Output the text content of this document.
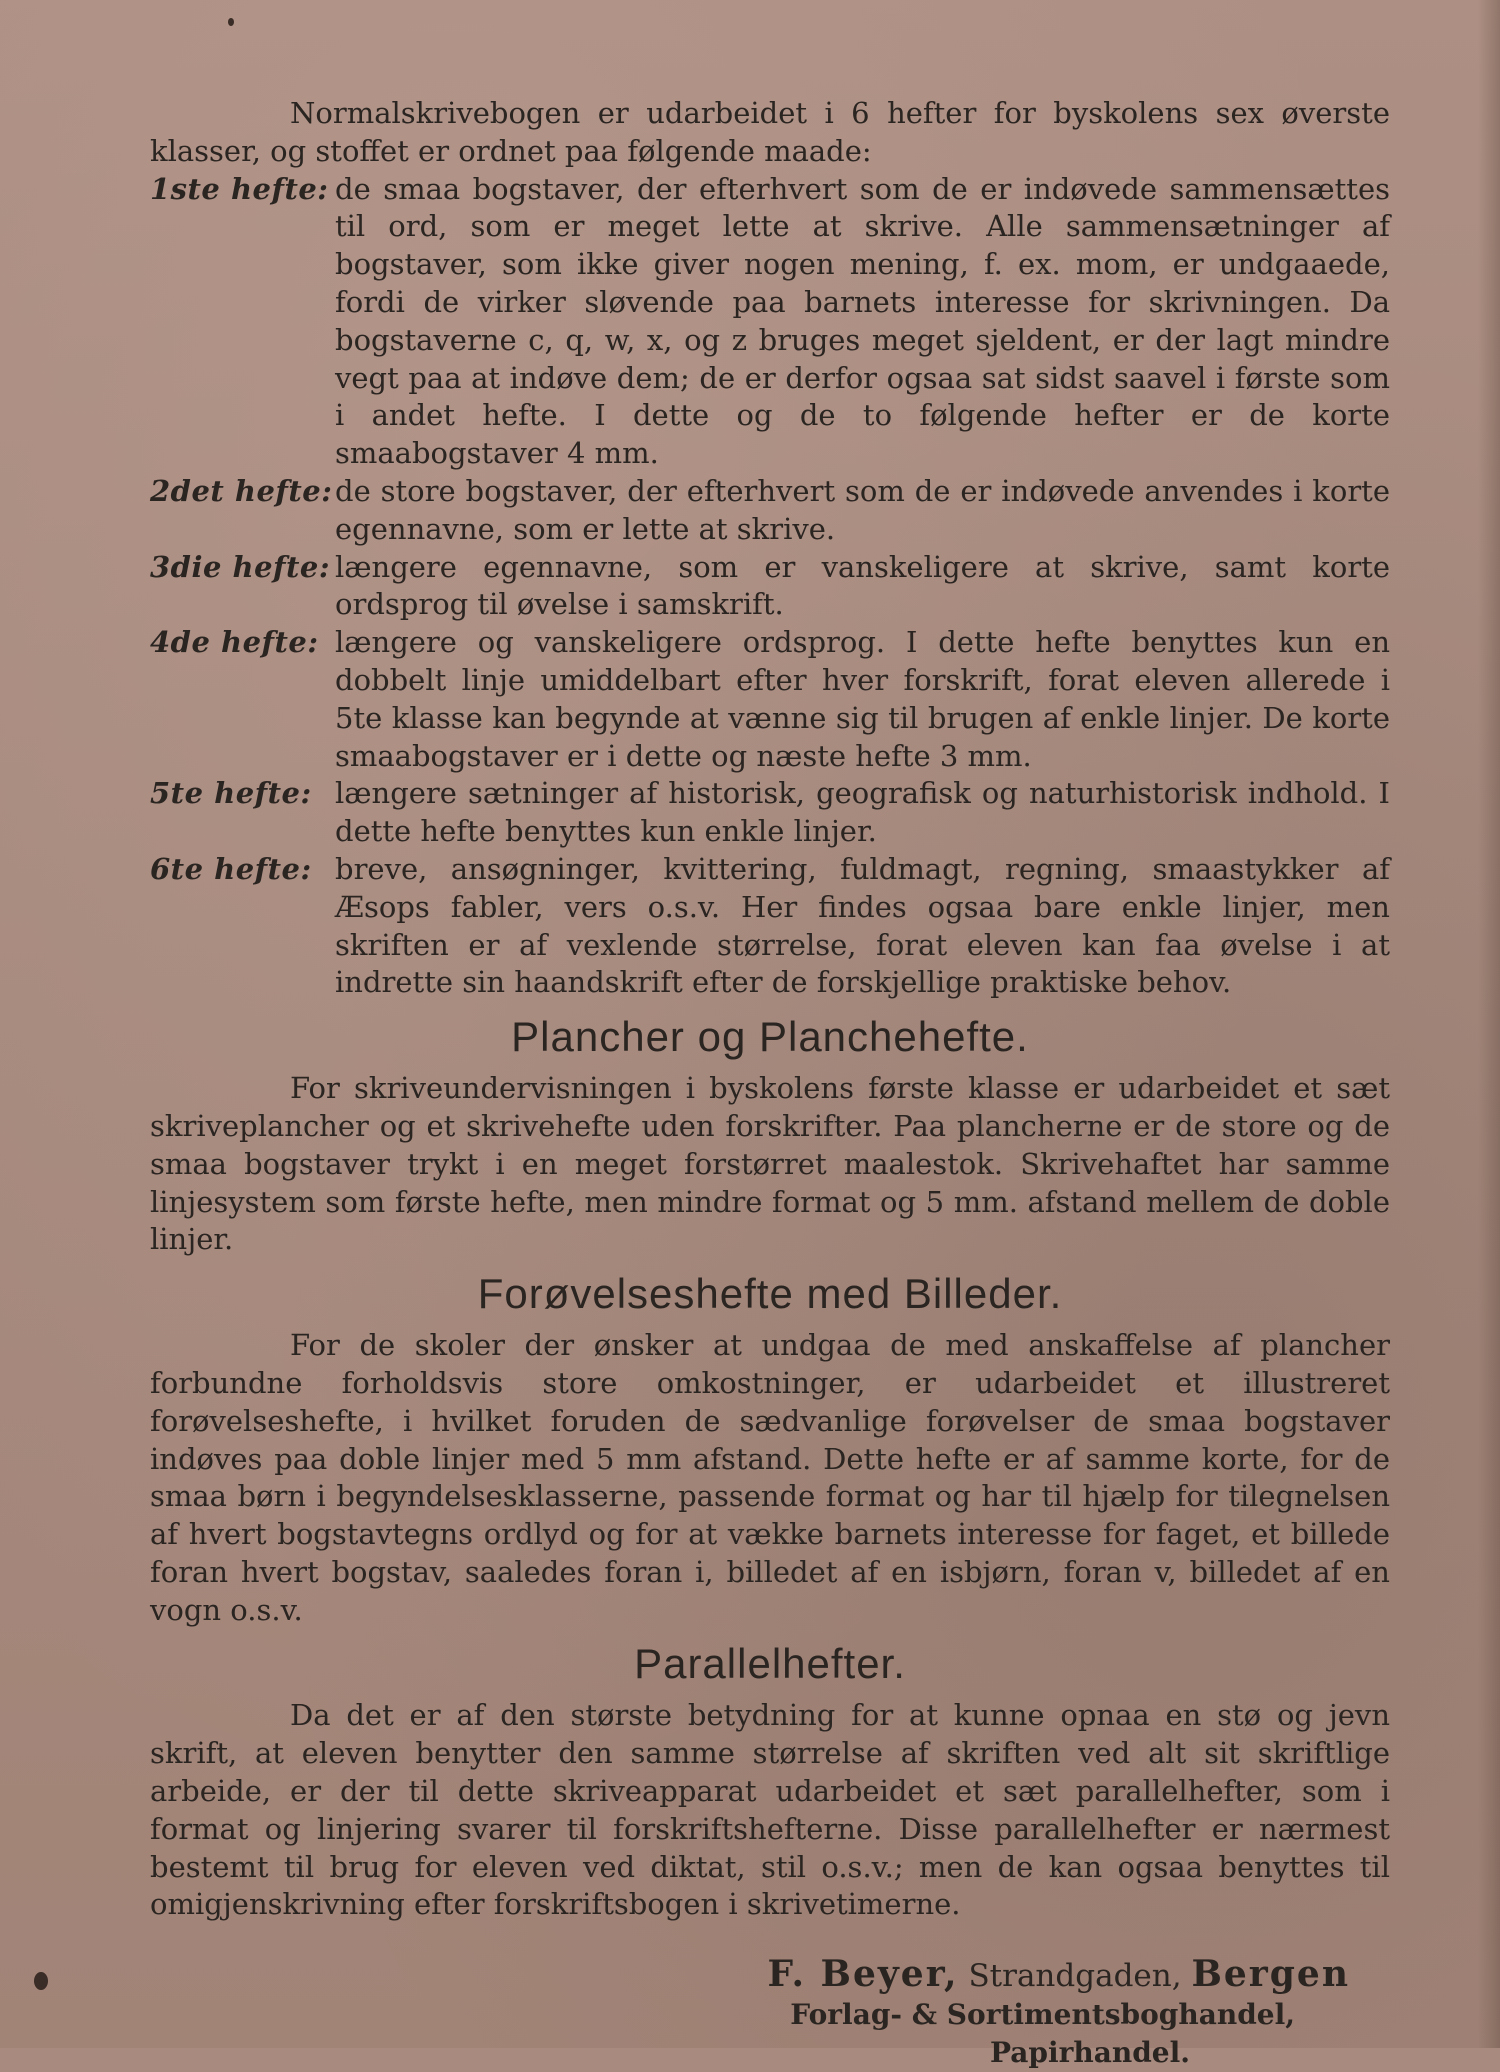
Normalskrivebogen er udarbeidet i 6 hefter for byskolens sex øverste klasser, og stoffet er ordnet paa følgende maade:

1ste hefte: de smaa bogstaver, der efterhvert som de er indøvede sammensættes til ord, som er meget lette at skrive. Alle sammensætninger af bogstaver, som ikke giver nogen mening, f. ex. mom, er undgaaede, fordi de virker sløvende paa barnets interesse for skrivningen. Da bogstaverne c, q, w, x, og z bruges meget sjeldent, er der lagt mindre vegt paa at indøve dem; de er derfor ogsaa sat sidst saavel i første som i andet hefte. I dette og de to følgende hefter er de korte smaabogstaver 4 mm.
2det hefte: de store bogstaver, der efterhvert som de er indøvede anvendes i korte egennavne, som er lette at skrive.
3die hefte: længere egennavne, som er vanskeligere at skrive, samt korte ordsprog til øvelse i samskrift.
4de hefte: længere og vanskeligere ordsprog. I dette hefte benyttes kun en dobbelt linje umiddelbart efter hver forskrift, forat eleven allerede i 5te klasse kan begynde at vænne sig til brugen af enkle linjer. De korte smaabogstaver er i dette og næste hefte 3 mm.
5te hefte: længere sætninger af historisk, geografisk og naturhistorisk indhold. I dette hefte benyttes kun enkle linjer.
6te hefte: breve, ansøgninger, kvittering, fuldmagt, regning, smaastykker af Æsops fabler, vers o.s.v. Her findes ogsaa bare enkle linjer, men skriften er af vexlende størrelse, forat eleven kan faa øvelse i at indrette sin haandskrift efter de forskjellige praktiske behov.
Plancher og Planchehefte.

For skriveundervisningen i byskolens første klasse er udarbeidet et sæt skriveplancher og et skrivehefte uden forskrifter. Paa plancherne er de store og de smaa bogstaver trykt i en meget forstørret maalestok. Skrivehaftet har samme linjesystem som første hefte, men mindre format og 5 mm. afstand mellem de doble linjer.

Forøvelseshefte med Billeder.

For de skoler der ønsker at undgaa de med anskaffelse af plancher forbundne forholdsvis store omkostninger, er udarbeidet et illustreret forøvelseshefte, i hvilket foruden de sædvanlige forøvelser de smaa bogstaver indøves paa doble linjer med 5 mm afstand. Dette hefte er af samme korte, for de smaa børn i begyndelsesklasserne, passende format og har til hjælp for tilegnelsen af hvert bogstavtegns ordlyd og for at vække barnets interesse for faget, et billede foran hvert bogstav, saaledes foran i, billedet af en isbjørn, foran v, billedet af en vogn o.s.v.

Parallelhefter.

Da det er af den største betydning for at kunne opnaa en stø og jevn skrift, at eleven benytter den samme størrelse af skriften ved alt sit skriftlige arbeide, er der til dette skriveapparat udarbeidet et sæt parallelhefter, som i format og linjering svarer til forskriftshefterne. Disse parallelhefter er nærmest bestemt til brug for eleven ved diktat, stil o.s.v.; men de kan ogsaa benyttes til omigjenskrivning efter forskriftsbogen i skrivetimerne.

F. Beyer, Strandgaden, Bergen
Forlag- & Sortimentsboghandel,
Papirhandel.
